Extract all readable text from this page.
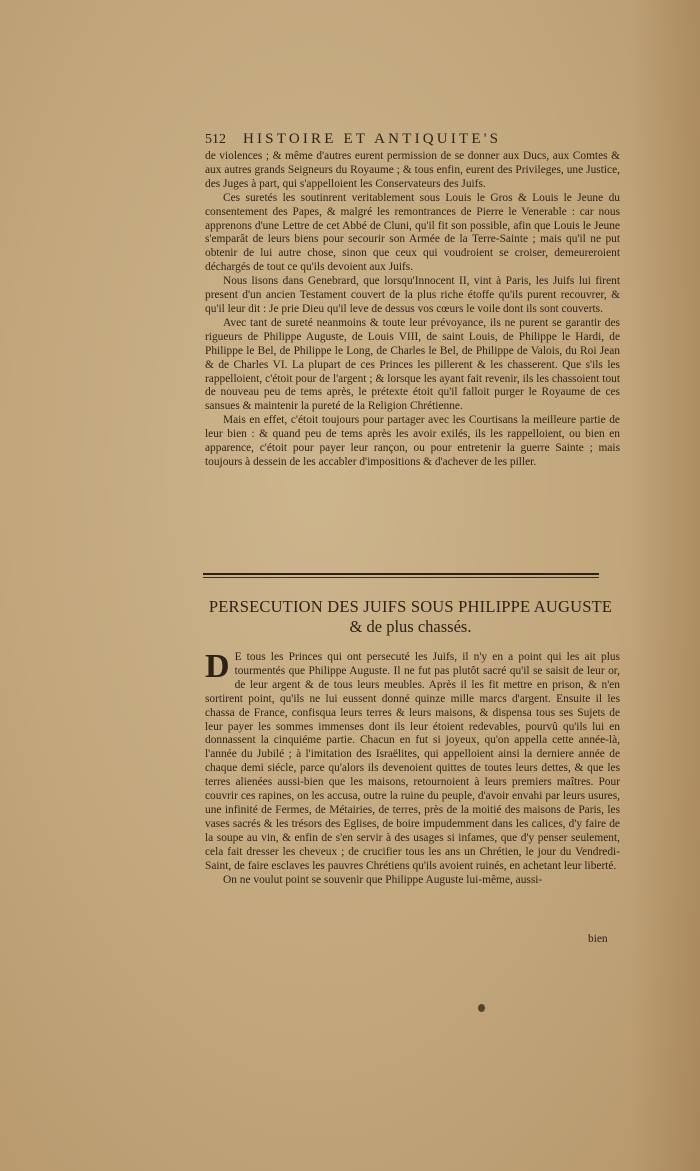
512 HISTOIRE ET ANTIQUITE'S

de violences ; & même d'autres eurent permission de se donner aux Ducs, aux Comtes & aux autres grands Seigneurs du Royaume ; & tous enfin, eurent des Privileges, une Justice, des Juges à part, qui s'appelloient les Conservateurs des Juifs.

Ces suretés les soutinrent veritablement sous Louis le Gros & Louis le Jeune du consentement des Papes, & malgré les remontrances de Pierre le Venerable : car nous apprenons d'une Lettre de cet Abbé de Cluni, qu'il fit son possible, afin que Louis le Jeune s'emparât de leurs biens pour secourir son Armée de la Terre-Sainte ; mais qu'il ne put obtenir de lui autre chose, sinon que ceux qui voudroient se croiser, demeureroient déchargés de tout ce qu'ils devoient aux Juifs.

Nous lisons dans Genebrard, que lorsqu'Innocent II, vint à Paris, les Juifs lui firent present d'un ancien Testament couvert de la plus riche étoffe qu'ils purent recouvrer, & qu'il leur dit : Je prie Dieu qu'il leve de dessus vos cœurs le voile dont ils sont couverts.

Avec tant de sureté neanmoins & toute leur prévoyance, ils ne purent se garantir des rigueurs de Philippe Auguste, de Louis VIII, de saint Louis, de Philippe le Hardi, de Philippe le Bel, de Philippe le Long, de Charles le Bel, de Philippe de Valois, du Roi Jean & de Charles VI. La plupart de ces Princes les pillerent & les chasserent. Que s'ils les rappelloient, c'étoit pour de l'argent ; & lorsque les ayant fait revenir, ils les chassoient tout de nouveau peu de tems après, le prétexte étoit qu'il falloit purger le Royaume de ces sansues & maintenir la pureté de la Religion Chrétienne.

Mais en effet, c'étoit toujours pour partager avec les Courtisans la meilleure partie de leur bien : & quand peu de tems après les avoir exilés, ils les rappelloient, ou bien en apparence, c'étoit pour payer leur rançon, ou pour entretenir la guerre Sainte ; mais toujours à dessein de les accabler d'impositions & d'achever de les piller.

PERSECUTION DES JUIFS SOUS PHILIPPE AUGUSTE
& de plus chassés.

D E tous les Princes qui ont persecuté les Juifs, il n'y en a point qui les ait plus tourmentés que Philippe Auguste. Il ne fut pas plutôt sacré qu'il se saisit de leur or, de leur argent & de tous leurs meubles. Après il les fit mettre en prison, & n'en sortirent point, qu'ils ne lui eussent donné quinze mille marcs d'argent. Ensuite il les chassa de France, confisqua leurs terres & leurs maisons, & dispensa tous ses Sujets de leur payer les sommes immenses dont ils leur étoient redevables, pourvû qu'ils lui en donnassent la cinquiéme partie. Chacun en fut si joyeux, qu'on appella cette année-là, l'année du Jubilé ; à l'imitation des Israëlites, qui appelloient ainsi la derniere année de chaque demi siécle, parce qu'alors ils devenoient quittes de toutes leurs dettes, & que les terres alienées aussi-bien que les maisons, retournoient à leurs premiers maîtres. Pour couvrir ces rapines, on les accusa, outre la ruine du peuple, d'avoir envahi par leurs usures, une infinité de Fermes, de Métairies, de terres, près de la moitié des maisons de Paris, les vases sacrés & les trésors des Eglises, de boire impudemment dans les calices, d'y faire de la soupe au vin, & enfin de s'en servir à des usages si infames, que d'y penser seulement, cela fait dresser les cheveux ; de crucifier tous les ans un Chrétien, le jour du Vendredi-Saint, de faire esclaves les pauvres Chrétiens qu'ils avoient ruinés, en achetant leur liberté.

On ne voulut point se souvenir que Philippe Auguste lui-même, aussi-

bien
